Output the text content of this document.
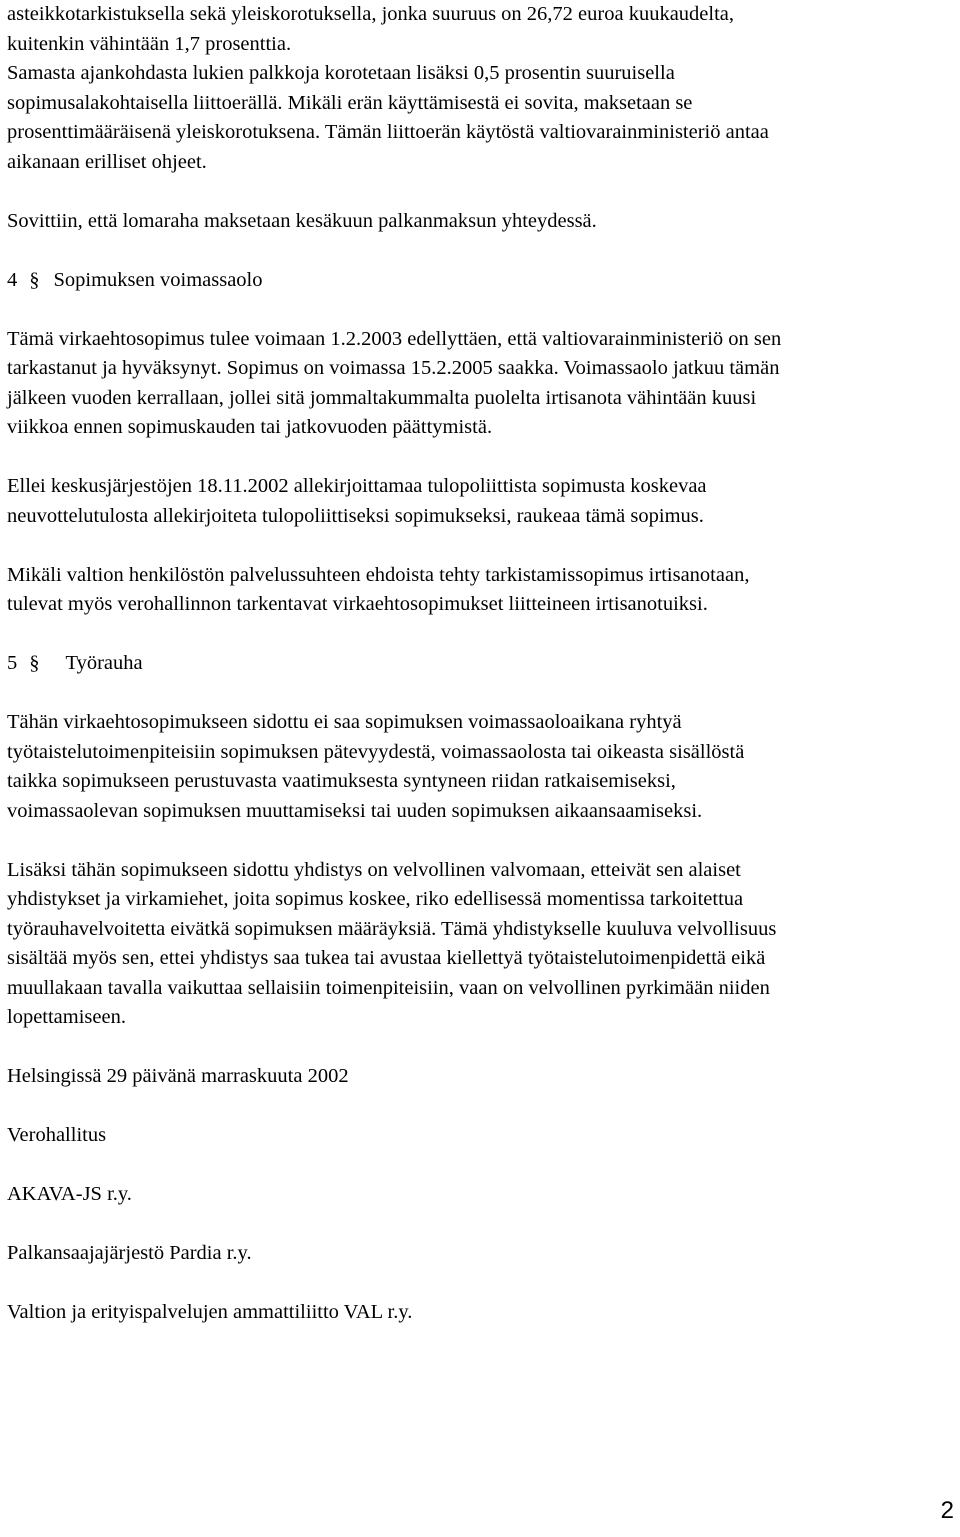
asteikkotarkistuksella sekä yleiskorotuksella, jonka suuruus on 26,72 euroa kuukaudelta,
kuitenkin vähintään 1,7 prosenttia.
Samasta ajankohdasta lukien palkkoja korotetaan lisäksi 0,5 prosentin suuruisella
sopimusalakohtaisella liittoerällä. Mikäli erän käyttämisestä ei sovita, maksetaan se
prosenttimääräisenä yleiskorotuksena. Tämän liittoerän käytöstä valtiovarainministeriö antaa
aikanaan erilliset ohjeet.
Sovittiin, että lomaraha maksetaan kesäkuun palkanmaksun yhteydessä.
4 § Sopimuksen voimassaolo
Tämä virkaehtosopimus tulee voimaan 1.2.2003 edellyttäen, että valtiovarainministeriö on sen
tarkastanut ja hyväksynyt. Sopimus on voimassa 15.2.2005 saakka. Voimassaolo jatkuu tämän
jälkeen vuoden kerrallaan, jollei sitä jommaltakummalta puolelta irtisanota vähintään kuusi
viikkoa ennen sopimuskauden tai jatkovuoden päättymistä.
Ellei keskusjärjestöjen 18.11.2002 allekirjoittamaa tulopoliittista sopimusta koskevaa
neuvottelutulosta allekirjoiteta tulopoliittiseksi sopimukseksi, raukeaa tämä sopimus.
Mikäli valtion henkilöstön palvelussuhteen ehdoista tehty tarkistamissopimus irtisanotaan,
tulevat myös verohallinnon tarkentavat virkaehtosopimukset liitteineen irtisanotuiksi.
5 § Työrauha
Tähän virkaehtosopimukseen sidottu ei saa sopimuksen voimassaoloaikana ryhtyä
työtaistelutoimenpiteisiin sopimuksen pätevyydestä, voimassaolosta tai oikeasta sisällöstä
taikka sopimukseen perustuvasta vaatimuksesta syntyneen riidan ratkaisemiseksi,
voimassaolevan sopimuksen muuttamiseksi tai uuden sopimuksen aikaansaamiseksi.
Lisäksi tähän sopimukseen sidottu yhdistys on velvollinen valvomaan, etteivät sen alaiset
yhdistykset ja virkamiehet, joita sopimus koskee, riko edellisessä momentissa tarkoitettua
työrauhavelvoitetta eivätkä sopimuksen määräyksiä. Tämä yhdistykselle kuuluva velvollisuus
sisältää myös sen, ettei yhdistys saa tukea tai avustaa kiellettyä työtaistelutoimenpidettä eikä
muullakaan tavalla vaikuttaa sellaisiin toimenpiteisiin, vaan on velvollinen pyrkimään niiden
lopettamiseen.
Helsingissä 29 päivänä marraskuuta 2002
Verohallitus
AKAVA-JS r.y.
Palkansaajajärjestö Pardia r.y.
Valtion ja erityispalvelujen ammattiliitto VAL r.y.
2
